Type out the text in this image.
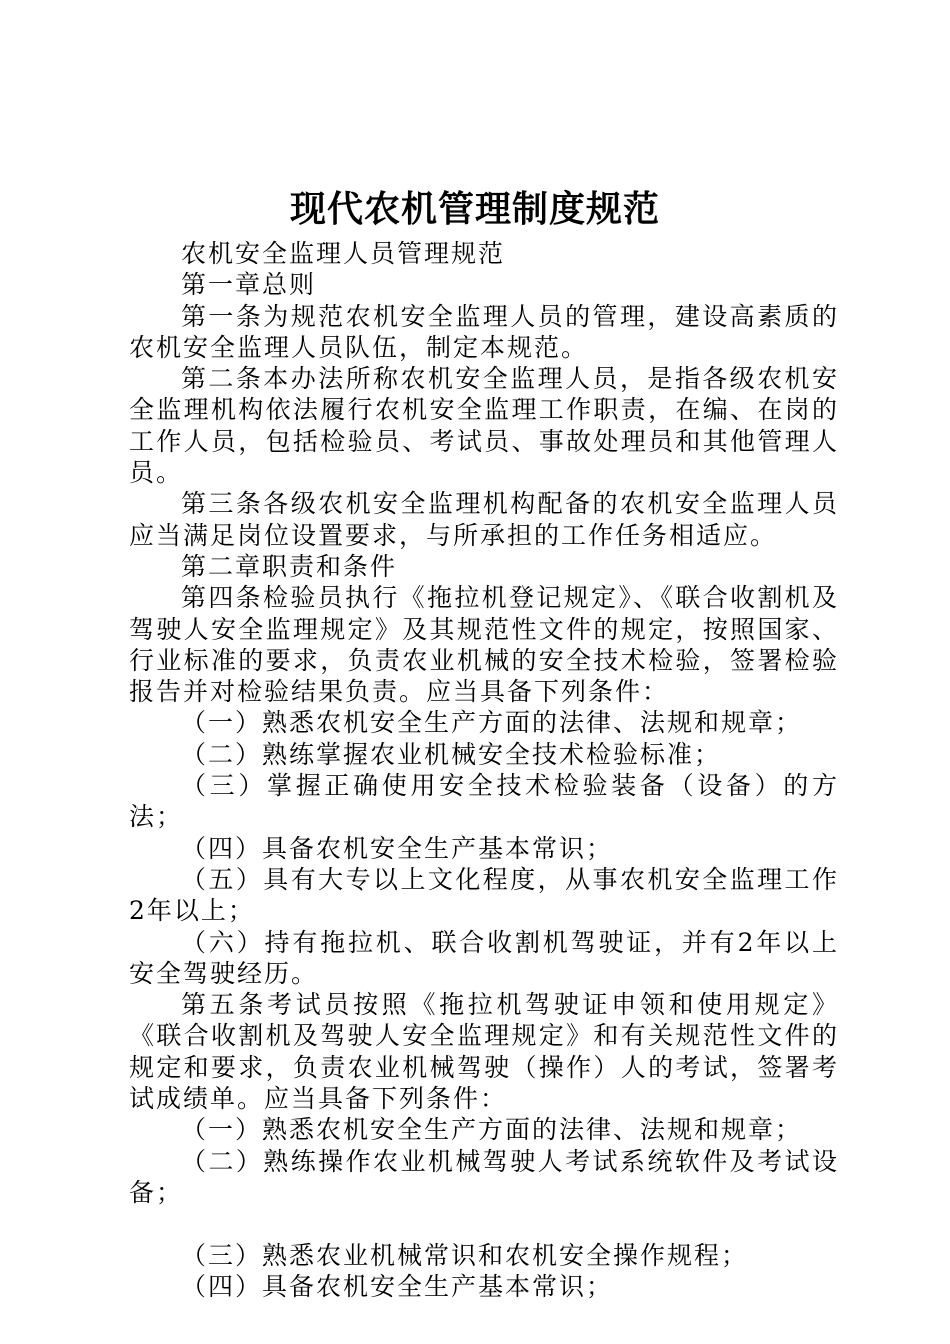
现代农机管理制度规范

农机安全监理人员管理规范

第一章总则

第一条为规范农机安全监理人员的管理，建设高素质的农机安全监理人员队伍，制定本规范。

第二条本办法所称农机安全监理人员，是指各级农机安全监理机构依法履行农机安全监理工作职责，在编、在岗的工作人员，包括检验员、考试员、事故处理员和其他管理人员。

第三条各级农机安全监理机构配备的农机安全监理人员应当满足岗位设置要求，与所承担的工作任务相适应。

第二章职责和条件

第四条检验员执行《拖拉机登记规定》、《联合收割机及驾驶人安全监理规定》及其规范性文件的规定，按照国家、行业标准的要求，负责农业机械的安全技术检验，签署检验报告并对检验结果负责。应当具备下列条件：

（一）熟悉农机安全生产方面的法律、法规和规章；

（二）熟练掌握农业机械安全技术检验标准；

（三）掌握正确使用安全技术检验装备（设备）的方法；

（四）具备农机安全生产基本常识；

（五）具有大专以上文化程度，从事农机安全监理工作2年以上；

（六）持有拖拉机、联合收割机驾驶证，并有2年以上安全驾驶经历。

第五条考试员按照《拖拉机驾驶证申领和使用规定》《联合收割机及驾驶人安全监理规定》和有关规范性文件的规定和要求，负责农业机械驾驶（操作）人的考试，签署考试成绩单。应当具备下列条件：

（一）熟悉农机安全生产方面的法律、法规和规章；

（二）熟练操作农业机械驾驶人考试系统软件及考试设备；

（三）熟悉农业机械常识和农机安全操作规程；

（四）具备农机安全生产基本常识；
